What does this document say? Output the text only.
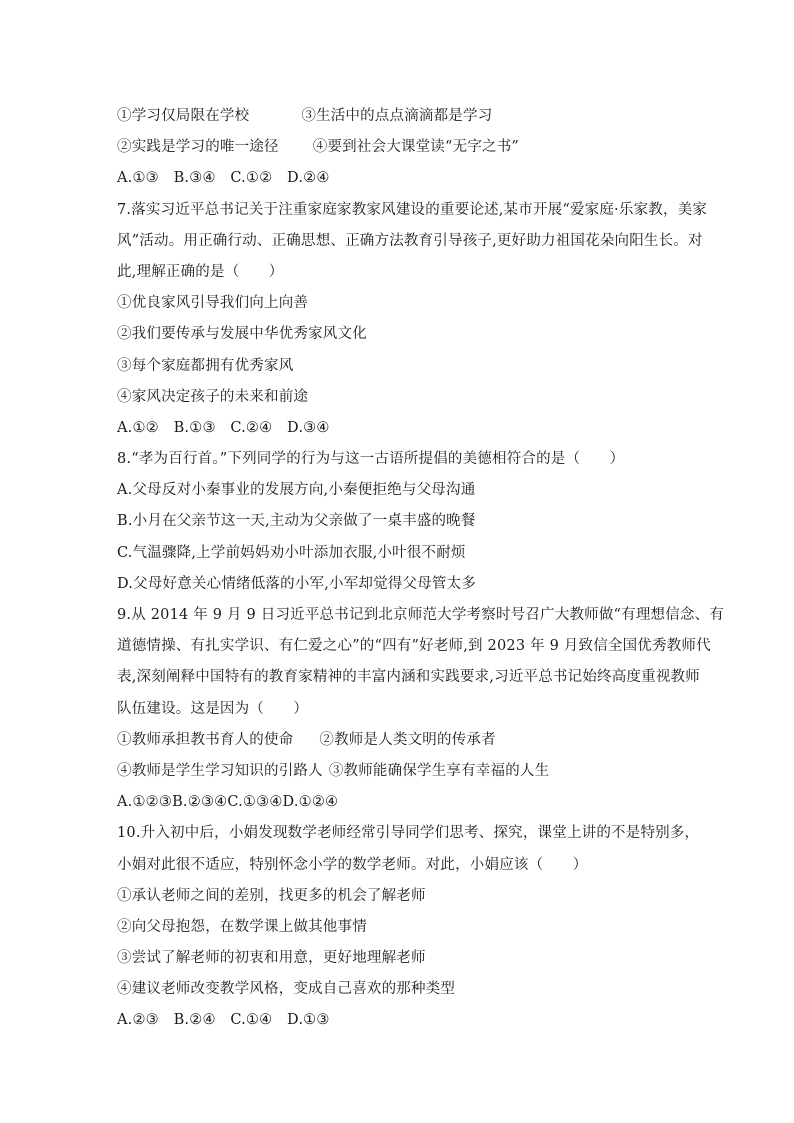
①学习仅局限在学校	③生活中的点点滴滴都是学习
②实践是学习的唯一途径 ④要到社会大课堂读“无字之书”
A.①③　B.③④　C.①②　D.②④
7.落实习近平总书记关于注重家庭家教家风建设的重要论述,某市开展“爱家庭·乐家教，美家
风”活动。用正确行动、正确思想、正确方法教育引导孩子,更好助力祖国花朵向阳生长。对
此,理解正确的是（　　）
①优良家风引导我们向上向善
②我们要传承与发展中华优秀家风文化
③每个家庭都拥有优秀家风
④家风决定孩子的未来和前途
A.①②　B.①③　C.②④　D.③④
8.“孝为百行首。”下列同学的行为与这一古语所提倡的美德相符合的是（　　）
A.父母反对小秦事业的发展方向,小秦便拒绝与父母沟通
B.小月在父亲节这一天,主动为父亲做了一桌丰盛的晚餐
C.气温骤降,上学前妈妈劝小叶添加衣服,小叶很不耐烦
D.父母好意关心情绪低落的小军,小军却觉得父母管太多
9.从 2014 年 9 月 9 日习近平总书记到北京师范大学考察时号召广大教师做“有理想信念、有
道德情操、有扎实学识、有仁爱之心”的“四有”好老师,到 2023 年 9 月致信全国优秀教师代
表,深刻阐释中国特有的教育家精神的丰富内涵和实践要求,习近平总书记始终高度重视教师
队伍建设。这是因为（　　）
①教师承担教书育人的使命 ②教师是人类文明的传承者
④教师是学生学习知识的引路人 ③教师能确保学生享有幸福的人生
A.①②③B.②③④C.①③④D.①②④
10.升入初中后，小娟发现数学老师经常引导同学们思考、探究，课堂上讲的不是特别多，
小娟对此很不适应，特别怀念小学的数学老师。对此，小娟应该（　　）
①承认老师之间的差别，找更多的机会了解老师
②向父母抱怨，在数学课上做其他事情
③尝试了解老师的初衷和用意，更好地理解老师
④建议老师改变教学风格，变成自己喜欢的那种类型
A.②③　B.②④　C.①④　D.①③
